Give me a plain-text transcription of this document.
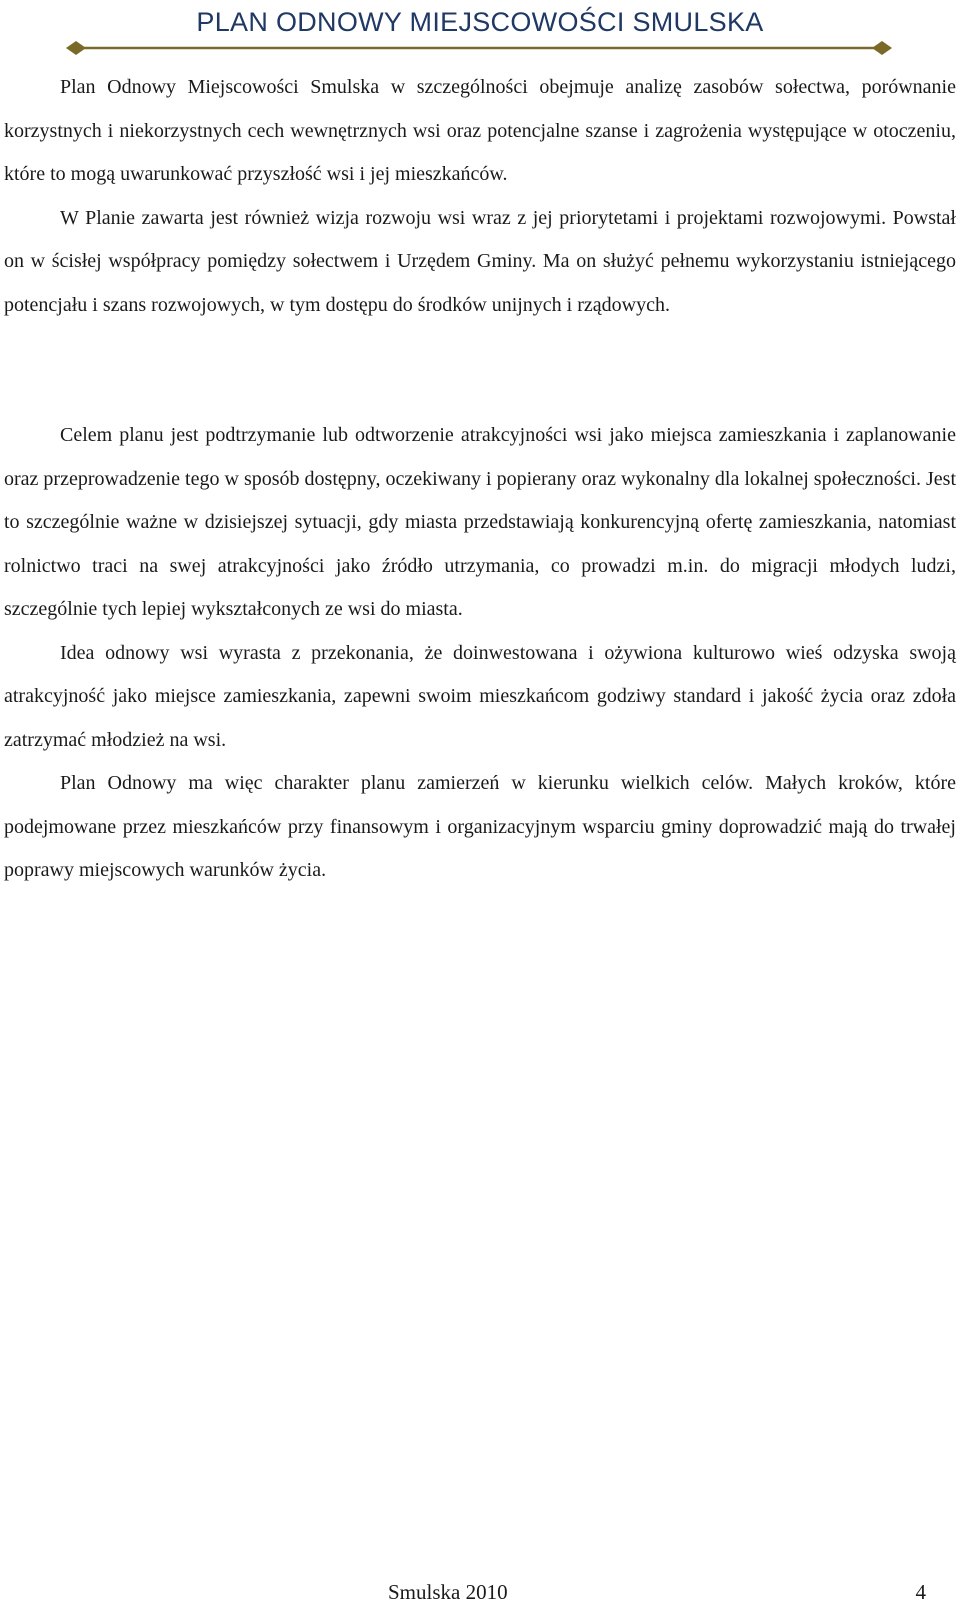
PLAN ODNOWY MIEJSCOWOŚCI SMULSKA

Plan Odnowy Miejscowości Smulska w szczególności obejmuje analizę zasobów sołectwa, porównanie korzystnych i niekorzystnych cech wewnętrznych wsi oraz potencjalne szanse i zagrożenia występujące w otoczeniu, które to mogą uwarunkować przyszłość wsi i jej mieszkańców.

W Planie zawarta jest również wizja rozwoju wsi wraz z jej priorytetami i projektami rozwojowymi. Powstał on w ścisłej współpracy pomiędzy sołectwem i Urzędem Gminy. Ma on służyć pełnemu wykorzystaniu istniejącego potencjału i szans rozwojowych, w tym dostępu do środków unijnych i rządowych.

Celem planu jest podtrzymanie lub odtworzenie atrakcyjności wsi jako miejsca zamieszkania i zaplanowanie oraz przeprowadzenie tego w sposób dostępny, oczekiwany i popierany oraz wykonalny dla lokalnej społeczności. Jest to szczególnie ważne w dzisiejszej sytuacji, gdy miasta przedstawiają konkurencyjną ofertę zamieszkania, natomiast rolnictwo traci na swej atrakcyjności jako źródło utrzymania, co prowadzi m.in. do migracji młodych ludzi, szczególnie tych lepiej wykształconych ze wsi do miasta.

Idea odnowy wsi wyrasta z przekonania, że doinwestowana i ożywiona kulturowo wieś odzyska swoją atrakcyjność jako miejsce zamieszkania, zapewni swoim mieszkańcom godziwy standard i jakość życia oraz zdoła zatrzymać młodzież na wsi.

Plan Odnowy ma więc charakter planu zamierzeń w kierunku wielkich celów. Małych kroków, które podejmowane przez mieszkańców przy finansowym i organizacyjnym wsparciu gminy doprowadzić mają do trwałej poprawy miejscowych warunków życia.

Smulska 2010	4
